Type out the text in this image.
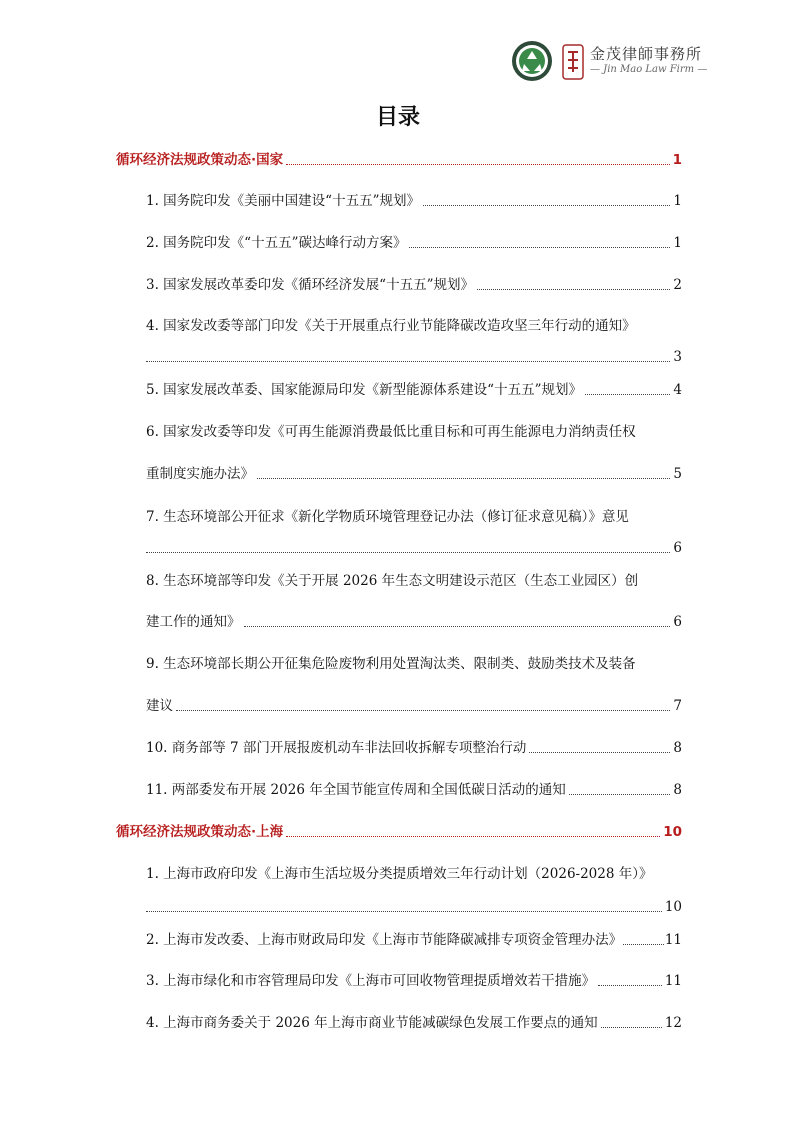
金茂律師事務所
— Jin Mao Law Firm —
目录
循环经济法规政策动态·国家	1
1. 国务院印发《美丽中国建设“十五五”规划》	1
2. 国务院印发《“十五五”碳达峰行动方案》	1
3. 国家发展改革委印发《循环经济发展“十五五”规划》	2
4. 国家发改委等部门印发《关于开展重点行业节能降碳改造攻坚三年行动的通知》
3
5. 国家发展改革委、国家能源局印发《新型能源体系建设“十五五”规划》	4
6. 国家发改委等印发《可再生能源消费最低比重目标和可再生能源电力消纳责任权
重制度实施办法》	5
7. 生态环境部公开征求《新化学物质环境管理登记办法（修订征求意见稿）》意见
6
8. 生态环境部等印发《关于开展 2026 年生态文明建设示范区（生态工业园区）创
建工作的通知》	6
9. 生态环境部长期公开征集危险废物利用处置淘汰类、限制类、鼓励类技术及装备
建议	7
10. 商务部等 7 部门开展报废机动车非法回收拆解专项整治行动	8
11. 两部委发布开展 2026 年全国节能宣传周和全国低碳日活动的通知	8
循环经济法规政策动态·上海	10
1. 上海市政府印发《上海市生活垃圾分类提质增效三年行动计划（2026-2028 年）》
10
2. 上海市发改委、上海市财政局印发《上海市节能降碳减排专项资金管理办法》	11
3. 上海市绿化和市容管理局印发《上海市可回收物管理提质增效若干措施》	11
4. 上海市商务委关于 2026 年上海市商业节能减碳绿色发展工作要点的通知	12
